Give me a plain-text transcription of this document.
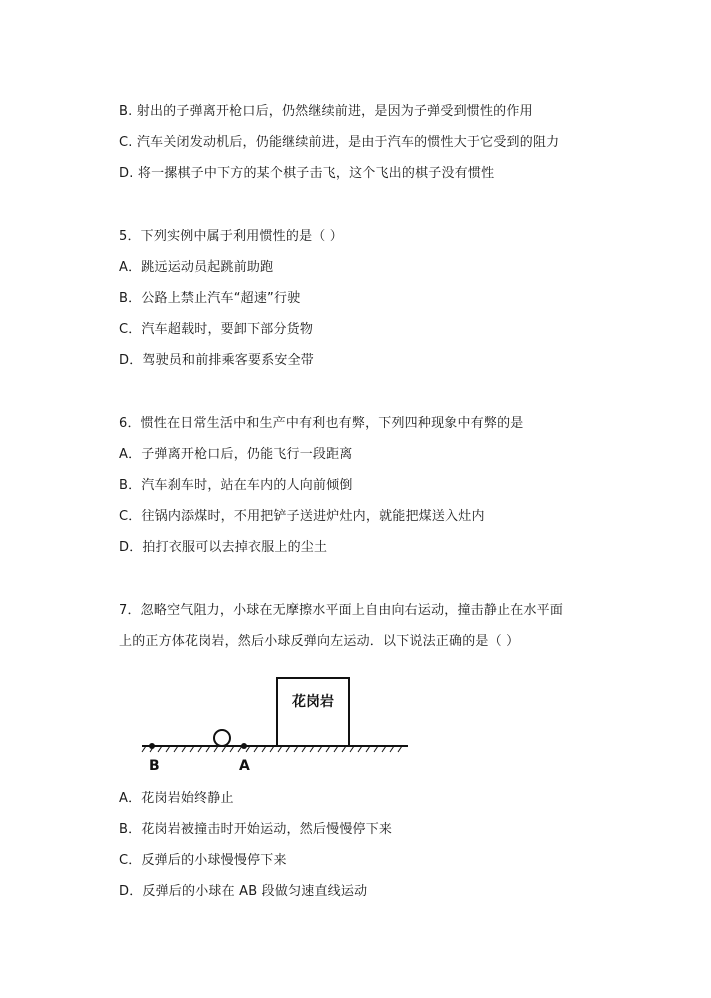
B. 射出的子弹离开枪口后，仍然继续前进，是因为子弹受到惯性的作用
C. 汽车关闭发动机后，仍能继续前进，是由于汽车的惯性大于它受到的阻力
D. 将一摞棋子中下方的某个棋子击飞，这个飞出的棋子没有惯性
5．下列实例中属于利用惯性的是（ ）
A．跳远运动员起跳前助跑
B．公路上禁止汽车“超速”行驶
C．汽车超载时，要卸下部分货物
D．驾驶员和前排乘客要系安全带
6．惯性在日常生活中和生产中有利也有弊，下列四种现象中有弊的是
A．子弹离开枪口后，仍能飞行一段距离
B．汽车刹车时，站在车内的人向前倾倒
C．往锅内添煤时，不用把铲子送进炉灶内，就能把煤送入灶内
D．拍打衣服可以去掉衣服上的尘土
7．忽略空气阻力，小球在无摩擦水平面上自由向右运动，撞击静止在水平面
上的正方体花岗岩，然后小球反弹向左运动．以下说法正确的是（ ）
花岗岩
B	A
A．花岗岩始终静止
B．花岗岩被撞击时开始运动，然后慢慢停下来
C．反弹后的小球慢慢停下来
D．反弹后的小球在 AB 段做匀速直线运动
